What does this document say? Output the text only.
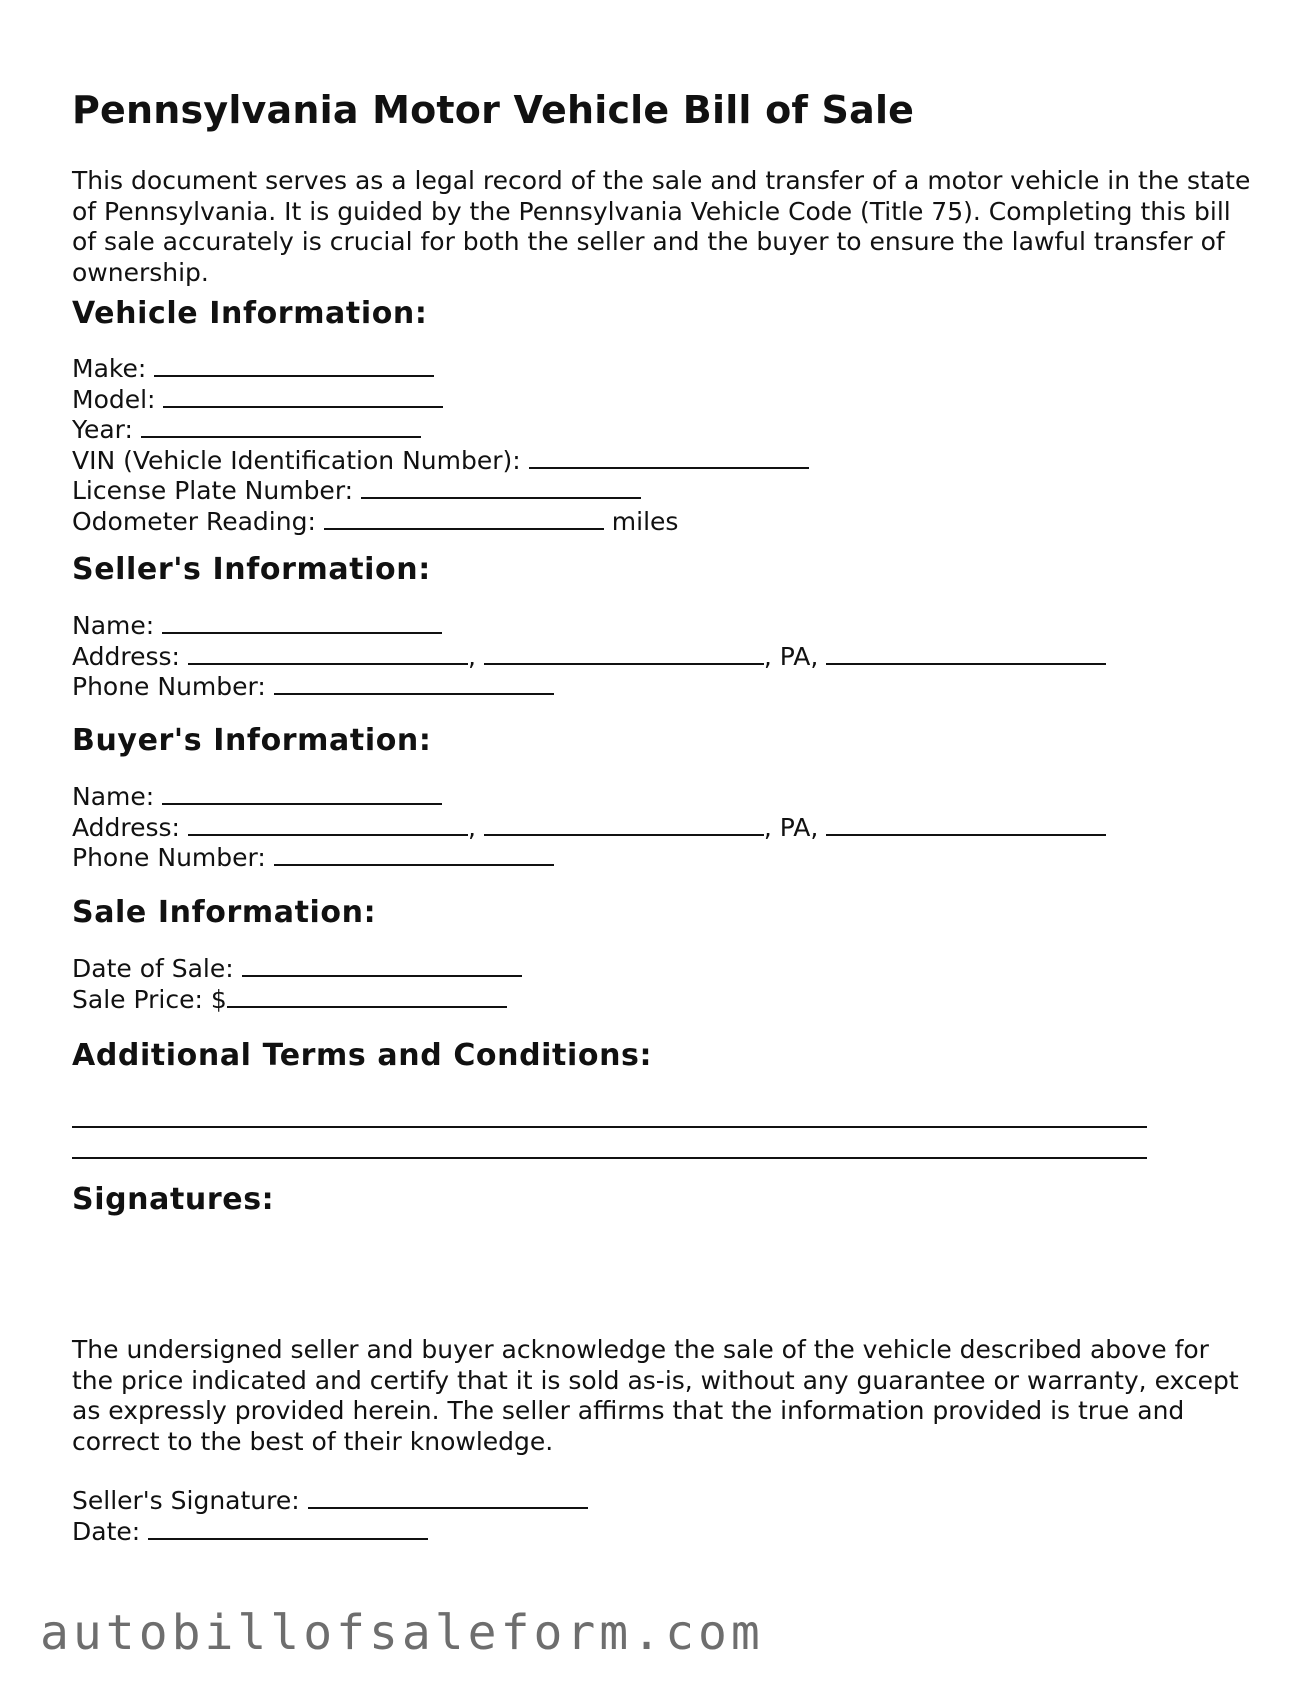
Pennsylvania Motor Vehicle Bill of Sale

This document serves as a legal record of the sale and transfer of a motor vehicle in the state of Pennsylvania. It is guided by the Pennsylvania Vehicle Code (Title 75). Completing this bill of sale accurately is crucial for both the seller and the buyer to ensure the lawful transfer of ownership.

Vehicle Information:
Make:
Model:
Year:
VIN (Vehicle Identification Number):
License Plate Number:
Odometer Reading:	miles
Seller's Information:
Name:
Address:	,	, PA,
Phone Number:
Buyer's Information:
Name:
Address:	,	, PA,
Phone Number:
Sale Information:
Date of Sale:
Sale Price: $
Additional Terms and Conditions:
Signatures:

The undersigned seller and buyer acknowledge the sale of the vehicle described above for the price indicated and certify that it is sold as-is, without any guarantee or warranty, except as expressly provided herein. The seller affirms that the information provided is true and correct to the best of their knowledge.

Seller's Signature:
Date:
autobillofsaleform.com
